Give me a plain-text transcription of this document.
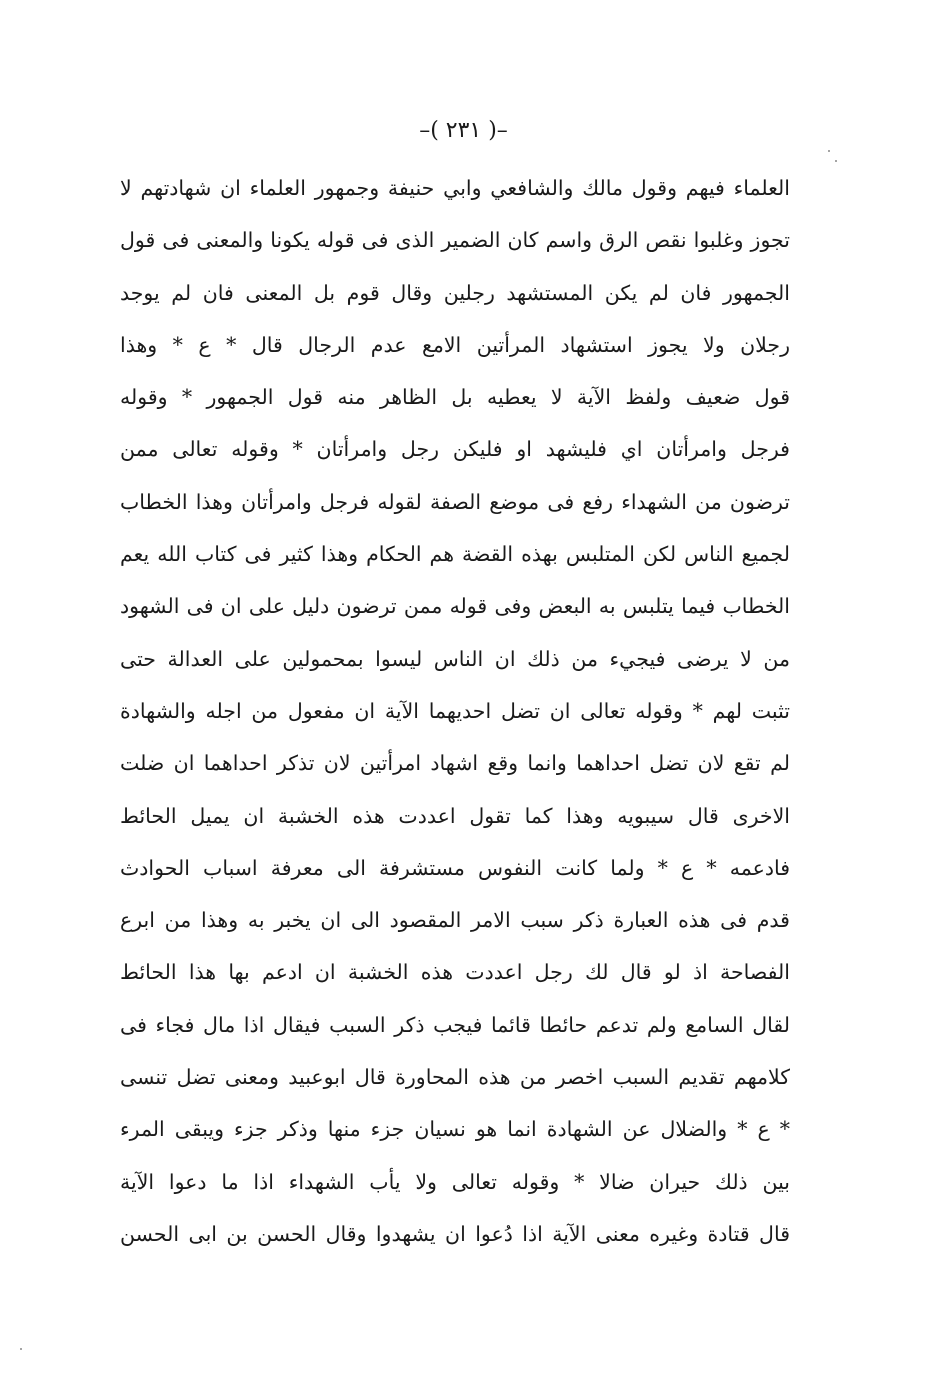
–( ٢٣١ )–
العلماء فيهم وقول مالك والشافعي وابي حنيفة وجمهور العلماء ان شهادتهم لا
تجوز وغلبوا نقص الرق واسم كان الضمير الذى فى قوله يكونا والمعنى فى قول
الجمهور فان لم يكن المستشهد رجلين وقال قوم بل المعنى فان لم يوجد
رجلان ولا يجوز استشهاد المرأتين الامع عدم الرجال قال * ع * وهذا
قول ضعيف ولفظ الآية لا يعطيه بل الظاهر منه قول الجمهور * وقوله
فرجل وامرأتان اي فليشهد او فليكن رجل وامرأتان * وقوله تعالى ممن
ترضون من الشهداء رفع فى موضع الصفة لقوله فرجل وامرأتان وهذا الخطاب
لجميع الناس لكن المتلبس بهذه القضة هم الحكام وهذا كثير فى كتاب الله يعم
الخطاب فيما يتلبس به البعض وفى قوله ممن ترضون دليل على ان فى الشهود
من لا يرضى فيجيء من ذلك ان الناس ليسوا بمحمولين على العدالة حتى
تثبت لهم * وقوله تعالى ان تضل احديهما الآية ان مفعول من اجله والشهادة
لم تقع لان تضل احداهما وانما وقع اشهاد امرأتين لان تذكر احداهما ان ضلت
الاخرى قال سيبويه وهذا كما تقول اعددت هذه الخشبة ان يميل الحائط
فادعمه * ع * ولما كانت النفوس مستشرفة الى معرفة اسباب الحوادث
قدم فى هذه العبارة ذكر سبب الامر المقصود الى ان يخبر به وهذا من ابرع
الفصاحة اذ لو قال لك رجل اعددت هذه الخشبة ان ادعم بها هذا الحائط
لقال السامع ولم تدعم حائطا قائما فيجب ذكر السبب فيقال اذا مال فجاء فى
كلامهم تقديم السبب اخصر من هذه المحاورة قال ابوعبيد ومعنى تضل تنسى
* ع * والضلال عن الشهادة انما هو نسيان جزء منها وذكر جزء ويبقى المرء
بين ذلك حيران ضالا * وقوله تعالى ولا يأب الشهداء اذا ما دعوا الآية
قال قتادة وغيره معنى الآية اذا دُعوا ان يشهدوا وقال الحسن بن ابى الحسن
